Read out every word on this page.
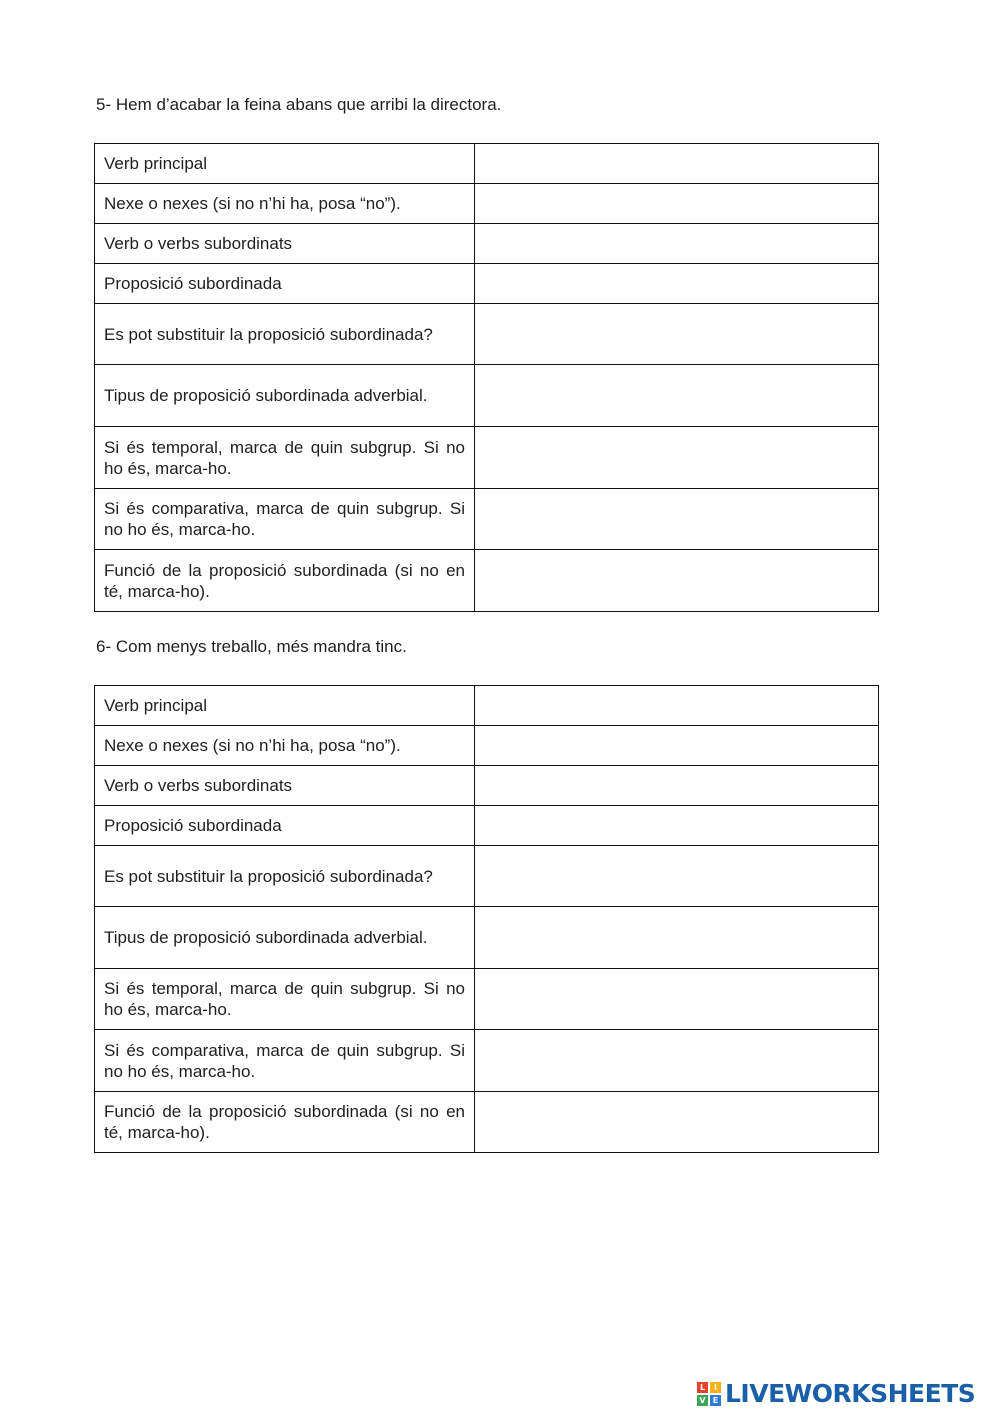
5- Hem d’acabar la feina abans que arribi la directora.

Verb principal	
Nexe o nexes (si no n’hi ha, posa “no”).	
Verb o verbs subordinats	
Proposició subordinada	
Es pot substituir la proposició subordinada?	
Tipus de proposició subordinada adverbial.	
Si és temporal, marca de quin subgrup. Si no ho és, marca-ho.	
Si és comparativa, marca de quin subgrup. Si no ho és, marca-ho.	
Funció de la proposició subordinada (si no en té, marca-ho).	

6- Com menys treballo, més mandra tinc.

Verb principal	
Nexe o nexes (si no n’hi ha, posa “no”).	
Verb o verbs subordinats	
Proposició subordinada	
Es pot substituir la proposició subordinada?	
Tipus de proposició subordinada adverbial.	
Si és temporal, marca de quin subgrup. Si no ho és, marca-ho.	
Si és comparativa, marca de quin subgrup. Si no ho és, marca-ho.	
Funció de la proposició subordinada (si no en té, marca-ho).	
L	I
V E LIVEWORKSHEETS
